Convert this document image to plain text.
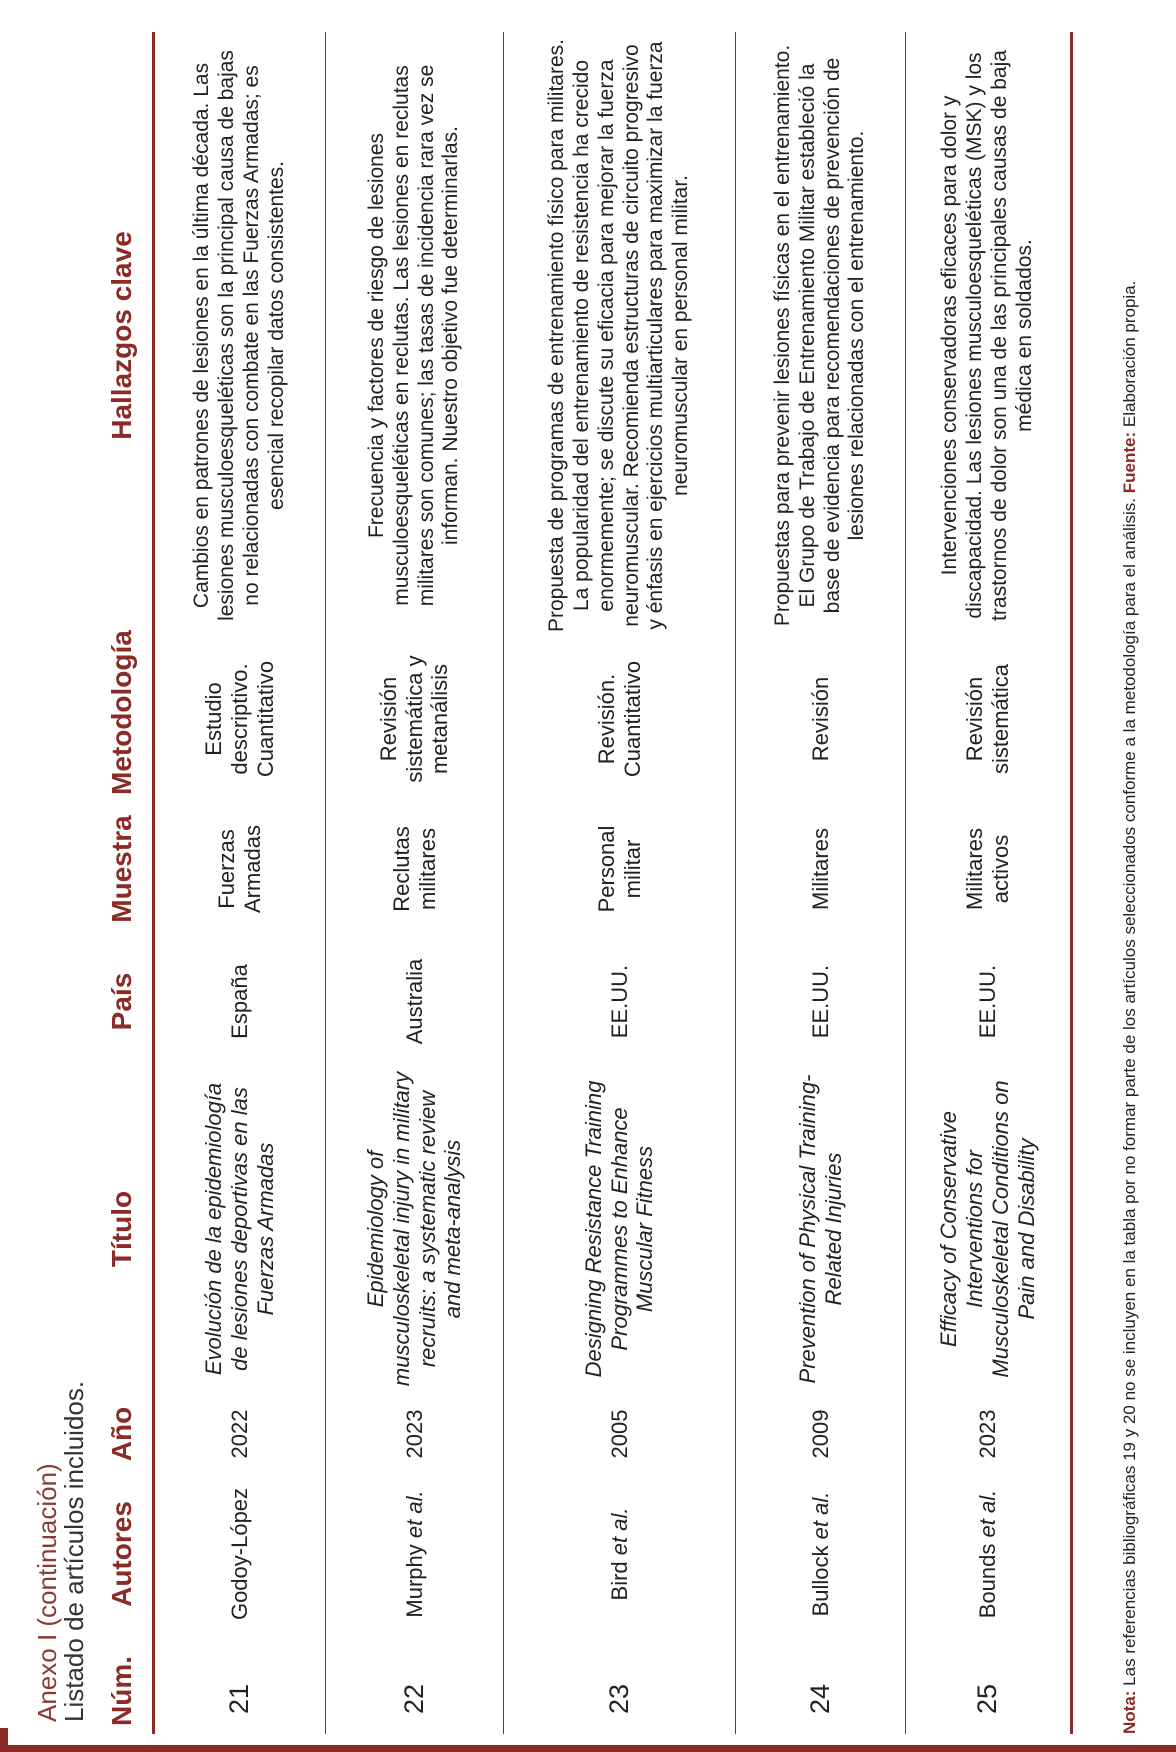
Anexo I (continuación)
Listado de artículos incluidos. Núm.	Autores	Año	Título	País	Muestra	Metodología	Hallazgos clave
21	Godoy-López	2022	Evolución de la epidemiología de lesiones deportivas en las Fuerzas Armadas	España	Fuerzas Armadas	Estudio descriptivo. Cuantitativo	Cambios en patrones de lesiones en la última década. Las lesiones musculoesqueléticas son la principal causa de bajas no relacionadas con combate en las Fuerzas Armadas; es esencial recopilar datos consistentes.
22	Murphy et al.	2023	Epidemiology of musculoskeletal injury in military recruits: a systematic review and meta-analysis	Australia	Reclutas militares	Revisión sistemática y metanálisis	Frecuencia y factores de riesgo de lesiones musculoesqueléticas en reclutas. Las lesiones en reclutas militares son comunes; las tasas de incidencia rara vez se informan. Nuestro objetivo fue determinarlas.
23	Bird et al.	2005	Designing Resistance Training Programmes to Enhance Muscular Fitness	EE.UU.	Personal militar	Revisión. Cuantitativo	Propuesta de programas de entrenamiento físico para militares. La popularidad del entrenamiento de resistencia ha crecido enormemente; se discute su eficacia para mejorar la fuerza neuromuscular. Recomienda estructuras de circuito progresivo y énfasis en ejercicios multiarticulares para maximizar la fuerza neuromuscular en personal militar.
24	Bullock et al.	2009	Prevention of Physical Training-Related Injuries	EE.UU.	Militares	Revisión	Propuestas para prevenir lesiones físicas en el entrenamiento. El Grupo de Trabajo de Entrenamiento Militar estableció la base de evidencia para recomendaciones de prevención de lesiones relacionadas con el entrenamiento.
25	Bounds et al.	2023	Efficacy of Conservative Interventions for Musculoskeletal Conditions on Pain and Disability	EE.UU.	Militares activos	Revisión sistemática	Intervenciones conservadoras eficaces para dolor y discapacidad. Las lesiones musculoesqueléticas (MSK) y los trastornos de dolor son una de las principales causas de baja médica en soldados.
Nota: Las referencias bibliográficas 19 y 20 no se incluyen en la tabla por no formar parte de los artículos seleccionados conforme a la metodología para el análisis. Fuente: Elaboración propia.
